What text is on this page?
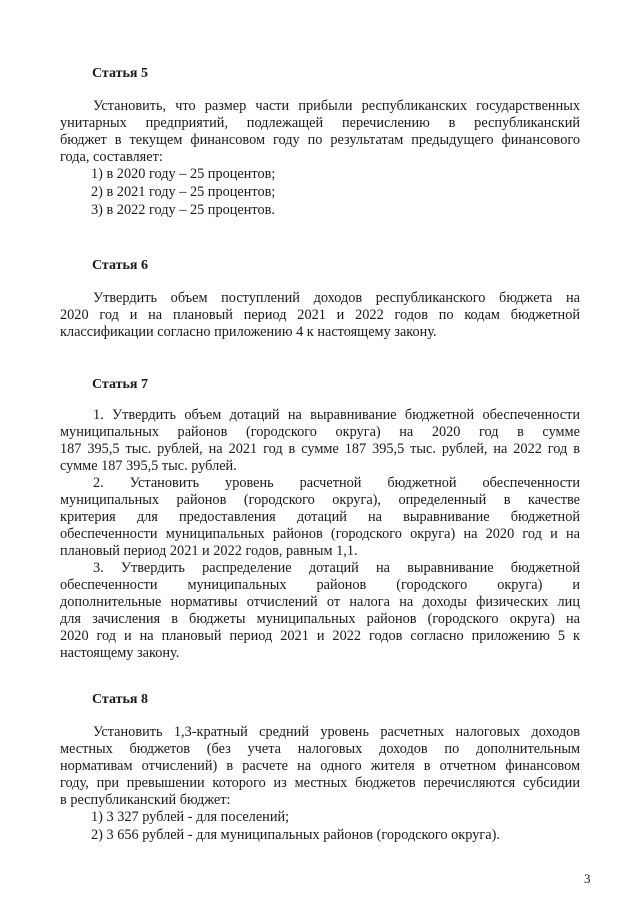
Статья 5

Установить, что размер части прибыли республиканских государственных
унитарных предприятий, подлежащей перечислению в республиканский
бюджет в текущем финансовом году по результатам предыдущего финансового
года, составляет:

1) в 2020 году – 25 процентов;

2) в 2021 году – 25 процентов;

3) в 2022 году – 25 процентов.

Статья 6

Утвердить объем поступлений доходов республиканского бюджета на
2020 год и на плановый период 2021 и 2022 годов по кодам бюджетной
классификации согласно приложению 4 к настоящему закону.

Статья 7

1. Утвердить объем дотаций на выравнивание бюджетной обеспеченности
муниципальных районов (городского округа) на 2020 год в сумме
187 395,5 тыс. рублей, на 2021 год в сумме 187 395,5 тыс. рублей, на 2022 год в
сумме 187 395,5 тыс. рублей.

2. Установить уровень расчетной бюджетной обеспеченности
муниципальных районов (городского округа), определенный в качестве
критерия для предоставления дотаций на выравнивание бюджетной
обеспеченности муниципальных районов (городского округа) на 2020 год и на
плановый период 2021 и 2022 годов, равным 1,1.

3. Утвердить распределение дотаций на выравнивание бюджетной
обеспеченности муниципальных районов (городского округа) и
дополнительные нормативы отчислений от налога на доходы физических лиц
для зачисления в бюджеты муниципальных районов (городского округа) на
2020 год и на плановый период 2021 и 2022 годов согласно приложению 5 к
настоящему закону.

Статья 8

Установить 1,3-кратный средний уровень расчетных налоговых доходов
местных бюджетов (без учета налоговых доходов по дополнительным
нормативам отчислений) в расчете на одного жителя в отчетном финансовом
году, при превышении которого из местных бюджетов перечисляются субсидии
в республиканский бюджет:

1) 3 327 рублей - для поселений;

2) 3 656 рублей - для муниципальных районов (городского округа).

3
